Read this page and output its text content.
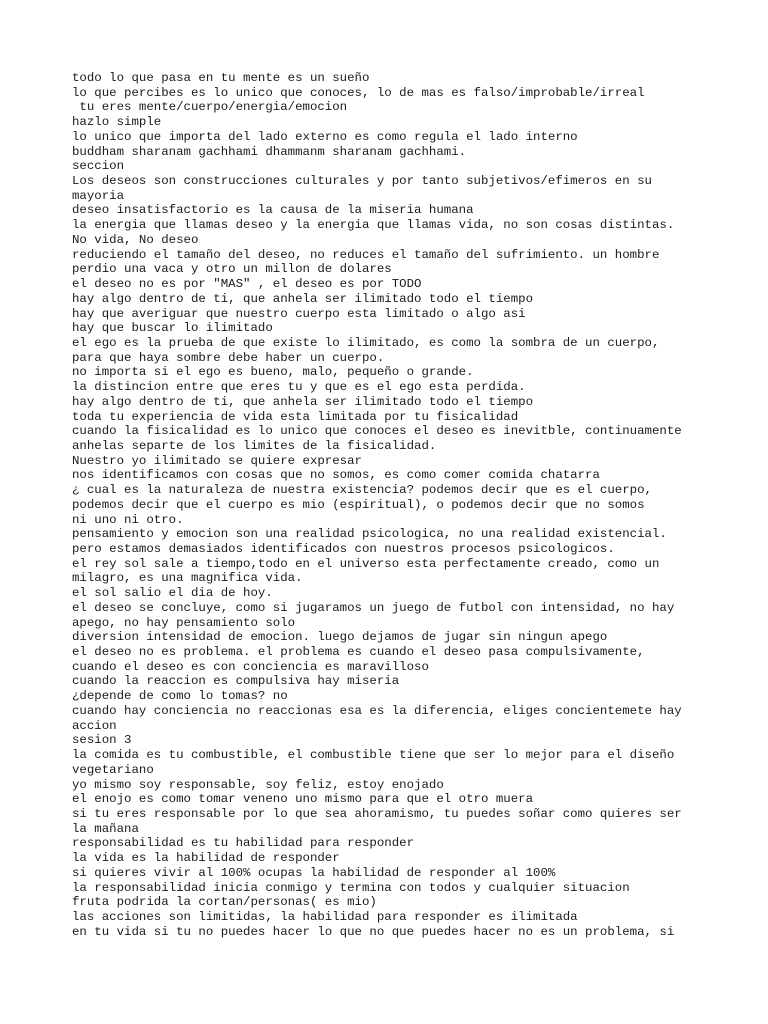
todo lo que pasa en tu mente es un sueño
lo que percibes es lo unico que conoces, lo de mas es falso/improbable/irreal
tu eres mente/cuerpo/energia/emocion
hazlo simple
lo unico que importa del lado externo es como regula el lado interno
buddham sharanam gachhami dhammanm sharanam gachhami.
seccion
Los deseos son construcciones culturales y por tanto subjetivos/efimeros en su
mayoria
deseo insatisfactorio es la causa de la miseria humana
la energia que llamas deseo y la energia que llamas vida, no son cosas distintas.
No vida, No deseo
reduciendo el tamaño del deseo, no reduces el tamaño del sufrimiento. un hombre
perdio una vaca y otro un millon de dolares
el deseo no es por "MAS" , el deseo es por TODO
hay algo dentro de ti, que anhela ser ilimitado todo el tiempo
hay que averiguar que nuestro cuerpo esta limitado o algo asi
hay que buscar lo ilimitado
el ego es la prueba de que existe lo ilimitado, es como la sombra de un cuerpo,
para que haya sombre debe haber un cuerpo.
no importa si el ego es bueno, malo, pequeño o grande.
la distincion entre que eres tu y que es el ego esta perdida.
hay algo dentro de ti, que anhela ser ilimitado todo el tiempo
toda tu experiencia de vida esta limitada por tu fisicalidad
cuando la fisicalidad es lo unico que conoces el deseo es inevitble, continuamente
anhelas separte de los limites de la fisicalidad.
Nuestro yo ilimitado se quiere expresar
nos identificamos con cosas que no somos, es como comer comida chatarra
¿ cual es la naturaleza de nuestra existencia? podemos decir que es el cuerpo,
podemos decir que el cuerpo es mio (espiritual), o podemos decir que no somos
ni uno ni otro.
pensamiento y emocion son una realidad psicologica, no una realidad existencial.
pero estamos demasiados identificados con nuestros procesos psicologicos.
el rey sol sale a tiempo,todo en el universo esta perfectamente creado, como un
milagro, es una magnifica vida.
el sol salio el dia de hoy.
el deseo se concluye, como si jugaramos un juego de futbol con intensidad, no hay
apego, no hay pensamiento solo
diversion intensidad de emocion. luego dejamos de jugar sin ningun apego
el deseo no es problema. el problema es cuando el deseo pasa compulsivamente,
cuando el deseo es con conciencia es maravilloso
cuando la reaccion es compulsiva hay miseria
¿depende de como lo tomas? no
cuando hay conciencia no reaccionas esa es la diferencia, eliges concientemete hay
accion
sesion 3
la comida es tu combustible, el combustible tiene que ser lo mejor para el diseño
vegetariano
yo mismo soy responsable, soy feliz, estoy enojado
el enojo es como tomar veneno uno mismo para que el otro muera
si tu eres responsable por lo que sea ahoramismo, tu puedes soñar como quieres ser
la mañana
responsabilidad es tu habilidad para responder
la vida es la habilidad de responder
si quieres vivir al 100% ocupas la habilidad de responder al 100%
la responsabilidad inicia conmigo y termina con todos y cualquier situacion
fruta podrida la cortan/personas( es mio)
las acciones son limitidas, la habilidad para responder es ilimitada
en tu vida si tu no puedes hacer lo que no que puedes hacer no es un problema, si
